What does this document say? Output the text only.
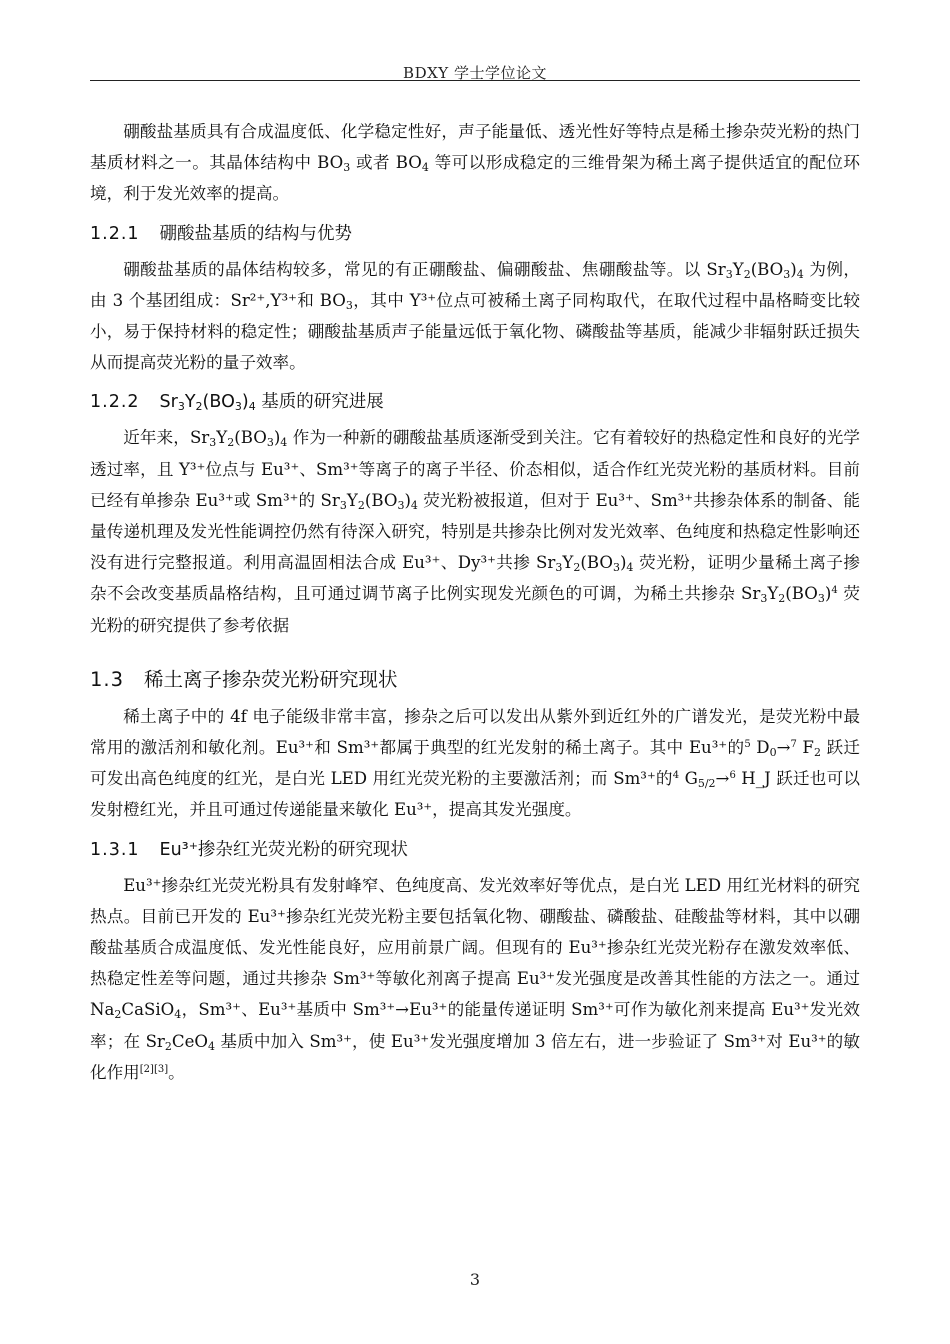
BDXY 学士学位论文

硼酸盐基质具有合成温度低、化学稳定性好，声子能量低、透光性好等特点是稀土掺杂荧光粉的热门基质材料之一。其晶体结构中 $BO_3$ 或者 $BO_4$ 等可以形成稳定的三维骨架为稀土离子提供适宜的配位环境，利于发光效率的提高。

1.2.1 硼酸盐基质的结构与优势

硼酸盐基质的晶体结构较多，常见的有正硼酸盐、偏硼酸盐、焦硼酸盐等。以 $Sr_3Y_2(BO_3)_4$ 为例，由 3 个基团组成：Sr²⁺,Y³⁺和 $BO_3$，其中 Y³⁺位点可被稀土离子同构取代，在取代过程中晶格畸变比较小，易于保持材料的稳定性；硼酸盐基质声子能量远低于氧化物、磷酸盐等基质，能减少非辐射跃迁损失从而提高荧光粉的量子效率。

1.2.2 $Sr_3Y_2(BO_3)_4$ 基质的研究进展

近年来，$Sr_3Y_2(BO_3)_4$ 作为一种新的硼酸盐基质逐渐受到关注。它有着较好的热稳定性和良好的光学透过率，且 Y³⁺位点与 Eu³⁺、Sm³⁺等离子的离子半径、价态相似，适合作红光荧光粉的基质材料。目前已经有单掺杂 Eu³⁺或 Sm³⁺的 $Sr_3Y_2(BO_3)_4$ 荧光粉被报道，但对于 Eu³⁺、Sm³⁺共掺杂体系的制备、能量传递机理及发光性能调控仍然有待深入研究，特别是共掺杂比例对发光效率、色纯度和热稳定性影响还没有进行完整报道。利用高温固相法合成 Eu³⁺、Dy³⁺共掺 $Sr_3Y_2(BO_3)_4$ 荧光粉，证明少量稀土离子掺杂不会改变基质晶格结构，且可通过调节离子比例实现发光颜色的可调，为稀土共掺杂 $Sr_3Y_2(BO_3)^4$ 荧光粉的研究提供了参考依据

1.3 稀土离子掺杂荧光粉研究现状

稀土离子中的 4f 电子能级非常丰富，掺杂之后可以发出从紫外到近红外的广谱发光，是荧光粉中最常用的激活剂和敏化剂。Eu³⁺和 Sm³⁺都属于典型的红光发射的稀土离子。其中 Eu³⁺的$^5$ $D_0\to^7$ $F_2$ 跃迁可发出高色纯度的红光，是白光 LED 用红光荧光粉的主要激活剂；而 Sm³⁺的$^4$ $G_{5/2}\to^6$ H_J 跃迁也可以发射橙红光，并且可通过传递能量来敏化 Eu³⁺，提高其发光强度。

1.3.1 Eu³⁺掺杂红光荧光粉的研究现状

Eu³⁺掺杂红光荧光粉具有发射峰窄、色纯度高、发光效率好等优点，是白光 LED 用红光材料的研究热点。目前已开发的 Eu³⁺掺杂红光荧光粉主要包括氧化物、硼酸盐、磷酸盐、硅酸盐等材料，其中以硼酸盐基质合成温度低、发光性能良好，应用前景广阔。但现有的 Eu³⁺掺杂红光荧光粉存在激发效率低、热稳定性差等问题，通过共掺杂 Sm³⁺等敏化剂离子提高 Eu³⁺发光强度是改善其性能的方法之一。通过 $Na_2CaSiO_4$，Sm³⁺、Eu³⁺基质中 Sm³⁺→Eu³⁺的能量传递证明 Sm³⁺可作为敏化剂来提高 Eu³⁺发光效率；在 $Sr_2CeO_4$ 基质中加入 Sm³⁺，使 Eu³⁺发光强度增加 3 倍左右，进一步验证了 Sm³⁺对 Eu³⁺的敏化作用[2][3]。

3
